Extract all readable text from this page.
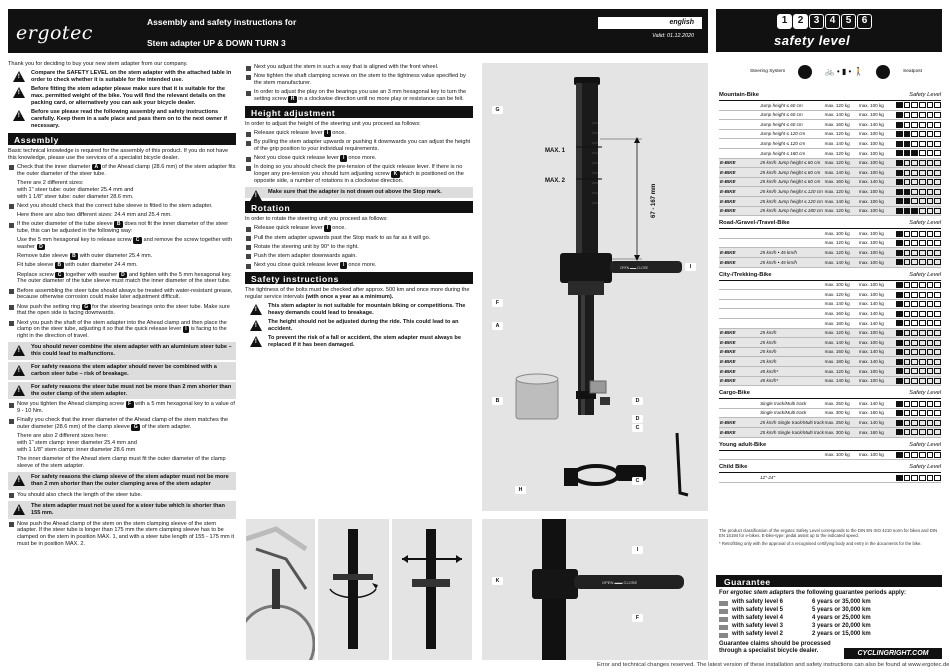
ergotec	Assembly and safety instructions for
Stem adapter UP & DOWN TURN 3
english
Valid: 01.12.2020

Thank you for deciding to buy your new stem adapter from our company.

!
Compare the SAFETY LEVEL on the stem adapter with the attached table in order to check whether it is suitable for the intended use.
!
Before fitting the stem adapter please make sure that it is suitable for the max. permitted weight of the bike. You will find the relevant details on the packing card, or alternatively you can ask your bicycle dealer.
!
Before use please read the following assembly and safety instructions carefully. Keep them in a safe place and pass them on to the next owner if necessary.
Assembly

Basic technical knowledge is required for the assembly of this product. If you do not have this knowledge, please use the services of a specialist bicycle dealer.

Check that the inner diameter A of the Ahead clamp (28.6 mm) of the stem adapter fits the outer diameter of the steer tube.
There are 2 different sizes:
with 1" steer tube: outer diameter 25.4 mm and
with 1 1/8" steer tube: outer diameter 28.6 mm.
Next you should check that the correct tube sleeve is fitted to the stem adapter.
Here there are also two different sizes: 24.4 mm and 25.4 mm.
If the outer diameter of the tube sleeve B does not fit the inner diameter of the steer tube, this can be adjusted in the following way:
Use the 5 mm hexagonal key to release screw C and remove the screw together with washer D
Remove tube sleeve B with outer diameter 25.4 mm.
Fit tube sleeve B with outer diameter 24.4 mm.
Replace screw C together with washer D and tighten with the 5 mm hexagonal key. The outer diameter of the tube sleeve must match the inner diameter of the steer tube.
Before assembling the steer tube should always be treated with water-resistant grease, because otherwise corrosion could make later adjustment difficult.
Now push the setting ring G for the steering bearings onto the steer tube. Make sure that the open side is facing downwards.
Next you push the shaft of the stem adapter into the Ahead clamp and then place the clamp on the steer tube, adjusting it so that the quick release lever I is facing to the right in the direction of travel.
!
You should never combine the stem adapter with an aluminium steer tube – this could lead to malfunctions.
!
For safety reasons the stem adapter should never be combined with a carbon steer tube – risk of breakage.
!
For safety reasons the steer tube must not be more than 2 mm shorter than the outer clamp of the stem adapter.
Now you tighten the Ahead clamping screw F with a 5 mm hexagonal key to a value of 9 - 10 Nm.
Finally you check that the inner diameter of the Ahead clamp of the stem matches the outer diameter (28.6 mm) of the clamp sleeve G of the stem adapter.
There are also 2 different sizes here:
with 1" stem clamp: inner diameter 25.4 mm and
with 1 1/8" stem clamp: inner diameter 28.6 mm
The inner diameter of the Ahead stem clamp must fit the outer diameter of the clamp sleeve of the stem adapter.
!
For safety reasons the clamp sleeve of the stem adapter must not be more than 2 mm shorter than the outer clamping area of the stem adapter
You should also check the length of the steer tube.
!
The stem adapter must not be used for a steer tube which is shorter than 155 mm.
Now push the Ahead clamp of the stem on the stem clamping sleeve of the stem adapter. If the steer tube is longer than 175 mm the stem clamping sleeve has to be clamped on the stem in position MAX. 1, and with a steer tube length of 155 - 175 mm it must be in position MAX. 2.
Next you adjust the stem in such a way that is aligned with the front wheel.
Now tighten the shaft clamping screws on the stem to the tightness value specified by the stem manufacturer.
In order to adjust the play on the bearings you use an 3 mm hexagonal key to turn the setting screw H in a clockwise direction until no more play or resistance can be felt.
Height adjustment

In order to adjust the height of the steering unit you proceed as follows:

Release quick release lever I once.
By pulling the stem adapter upwards or pushing it downwards you can adjust the height of the grip position to your individual requirements.
Next you close quick release lever I once more.
In doing so you should check the pre-tension of the quick release lever. If there is no longer any pre-tension you should turn adjusting screw K which is positioned on the opposite side, a number of rotations in a clockwise direction.
!
Make sure that the adapter is not drawn out above the Stop mark.
Rotation

In order to rotate the steering unit you proceed as follows:

Release quick release lever I once.
Pull the stem adapter upwards past the Stop mark to as far as it will go.
Rotate the steering unit by 90° to the right.
Push the stem adapter downwards again.
Next you close quick release lever I once more.
Safety instructions

The tightness of the bolts must be checked after approx. 500 km and once more during the regular service intervals (with once a year as a minimum).

!
This stem adapter is not suitable for mountain biking or competitions. The heavy demands could lead to breakage.
!
The height should not be adjusted during the ride. This could lead to an accident.
!
To prevent the risk of a fall or accident, the stem adapter must always be replaced if it has been damaged.
OPEN ▬▬ CLOSE
MAX. 1
MAX. 2
67 - 167 mm
G
I
F
A
B	D
D
C
C
H
OPEN ▬▬ CLOSE
I
K
F
1 2 3 4 5 6
safety level
Steering System	🚲 • ▮ • 🚶	Seatpost
Mountain-Bike	Safety Level
Jump height ≤ 60 cm	max. 120 kg	max. 100 kg
Jump height ≤ 60 cm	max. 140 kg	max. 100 kg
Jump height ≤ 60 cm	max. 160 kg	max. 140 kg
Jump height ≤ 120 cm	max. 120 kg	max. 100 kg
Jump height ≤ 120 cm	max. 140 kg	max. 100 kg
Jump height ≤ 180 cm	max. 120 kg	max. 100 kg
E-BIKE	25 km/h Jump height ≤ 60 cm max. 120 kg	max. 100 kg
E-BIKE	25 km/h Jump height ≤ 60 cm max. 140 kg	max. 100 kg
E-BIKE	25 km/h Jump height ≤ 60 cm max. 160 kg	max. 140 kg
E-BIKE	25 km/h Jump height ≤ 120 cm max. 120 kg	max. 100 kg
E-BIKE	25 km/h Jump height ≤ 120 cm max. 140 kg	max. 100 kg
E-BIKE	25 km/h Jump height ≤ 180 cm max. 120 kg	max. 100 kg
Road-/Gravel-/Travel-Bike	Safety Level
max. 100 kg	max. 100 kg
max. 120 kg	max. 100 kg
E-BIKE	25 km/h • 45 km/h	max. 120 kg	max. 100 kg
E-BIKE	25 km/h • 45 km/h	max. 140 kg	max. 100 kg
City-/Trekking-Bike	Safety Level
max. 100 kg	max. 100 kg
max. 120 kg	max. 100 kg
max. 140 kg	max. 140 kg
max. 160 kg	max. 140 kg
max. 180 kg	max. 140 kg
E-BIKE	25 km/h	max. 120 kg	max. 100 kg
E-BIKE	25 km/h	max. 140 kg	max. 100 kg
E-BIKE	25 km/h	max. 160 kg	max. 140 kg
E-BIKE	25 km/h	max. 180 kg	max. 140 kg
E-BIKE	45 km/h*	max. 120 kg	max. 100 kg
E-BIKE	45 km/h*	max. 140 kg	max. 100 kg
Cargo-Bike	Safety Level
Single track/Multi track	max. 250 kg	max. 140 kg
Single track/Multi track	max. 300 kg	max. 160 kg
E-BIKE	25 km/h Single track/Multi track max. 250 kg	max. 140 kg
E-BIKE	25 km/h Single track/Multi track max. 300 kg	max. 160 kg
Young adult-Bike	Safety Level
max. 100 kg	max. 100 kg
Child Bike	Safety Level
12"-24"

The product classification of the ergotec Safety Level corresponds to the DIN EN ISO 4210 norm for bikes and DIN EN 15194 for e-bikes. E-bike-type: pedal assist up to the indicated speed.

* Retrofitting only with the approval of a recognised certifying body and entry in the documents for the bike.

Guarantee
For ergotec stem adapters the following guarantee periods apply:
with safety level 6	6 years or 35,000 km
with safety level 5	5 years or 30,000 km
with safety level 4	4 years or 25,000 km
with safety level 3	3 years or 20,000 km
with safety level 2	2 years or 15,000 km
Guarantee claims should be processed through a specialist bicycle dealer.	CYCLINGRIGHT.COM
Error and technical changes reserved. The latest version of these installation and safety instructions can also be found at www.ergotec.de
